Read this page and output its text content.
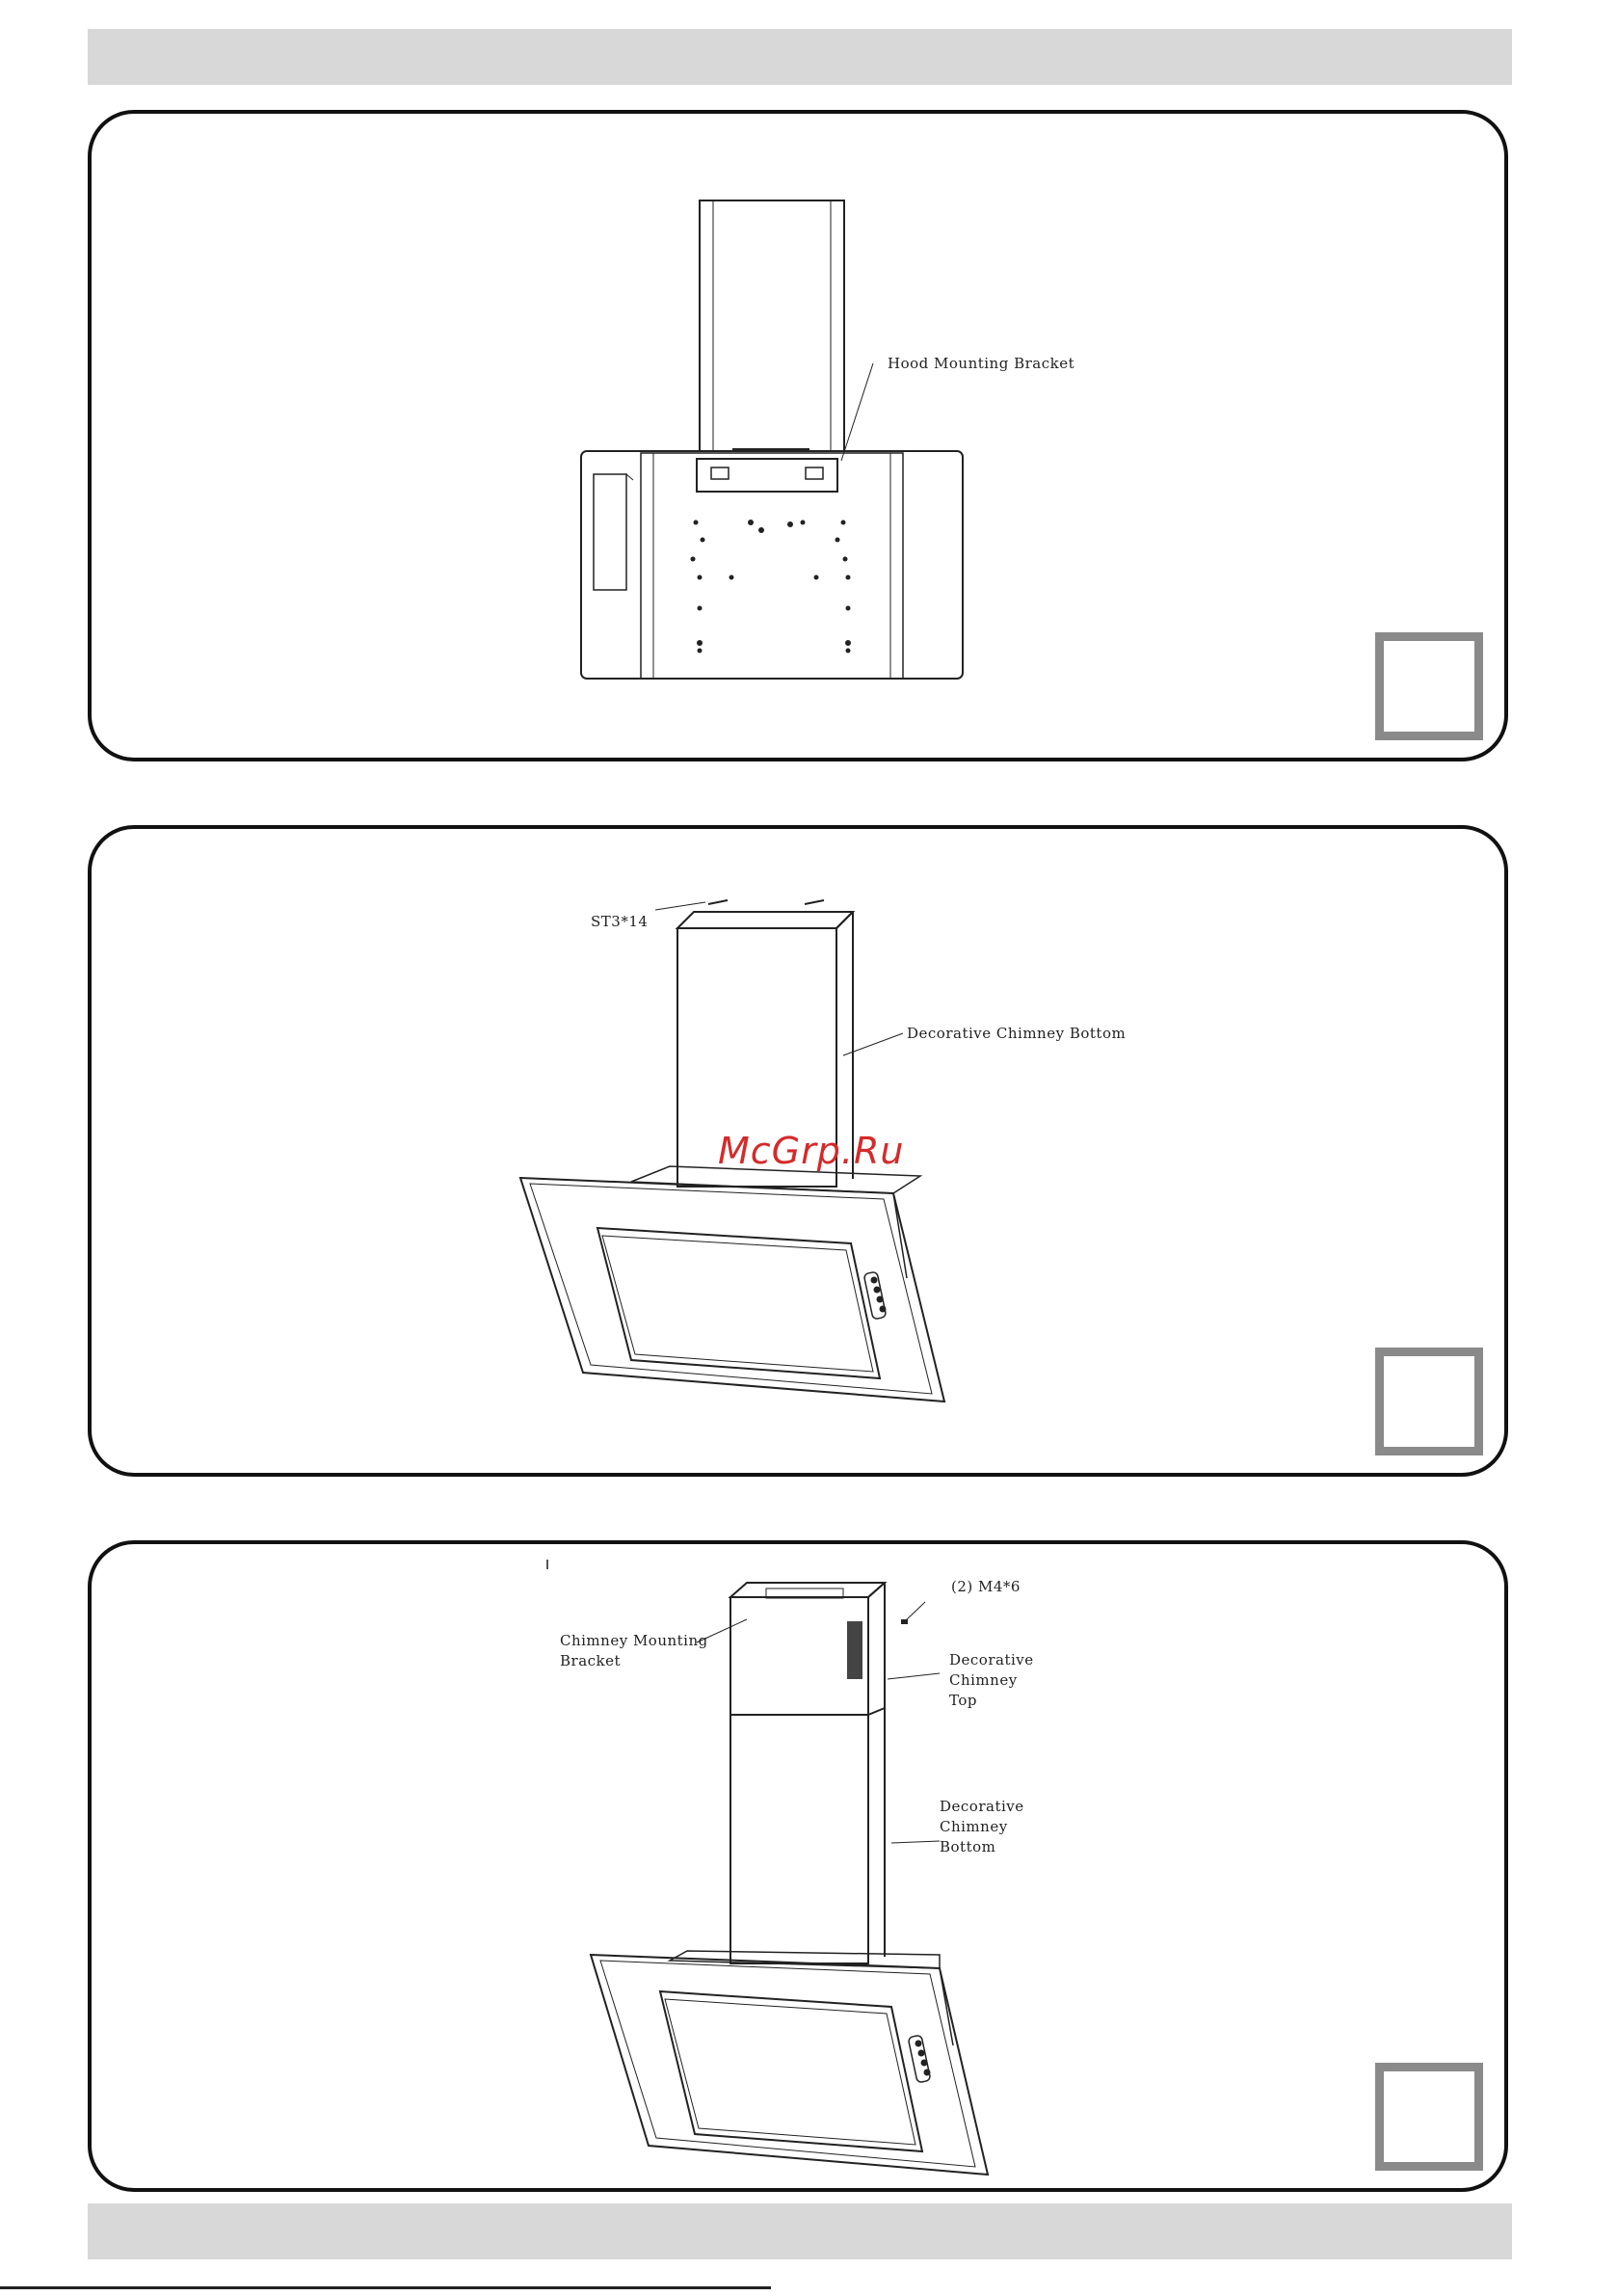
Hood Mounting Bracket
ST3*14
Decorative Chimney Bottom
(2) M4*6
Chimney Mounting
Bracket	Decorative
Chimney
Top
Decorative
Chimney
Bottom
McGrp.Ru
